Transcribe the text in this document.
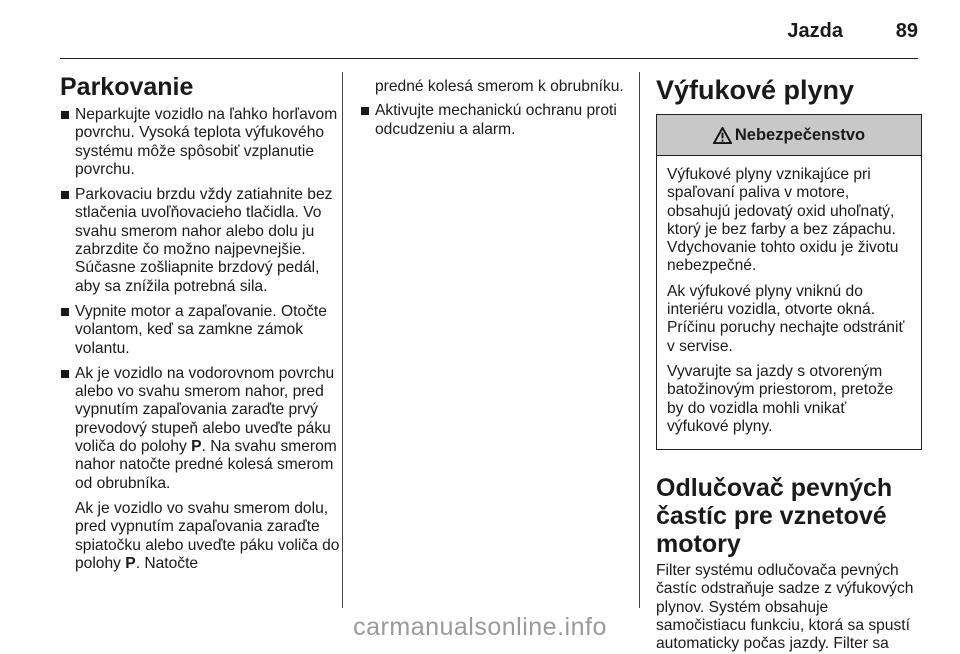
Jazda	89
Parkovanie
Neparkujte vozidlo na ľahko horľavom povrchu. Vysoká teplota výfukového systému môže spôsobiť vzplanutie povrchu.
Parkovaciu brzdu vždy zatiahnite bez stlačenia uvoľňovacieho tlačidla. Vo svahu smerom nahor alebo dolu ju zabrzdite čo možno najpevnejšie. Súčasne zošliapnite brzdový pedál, aby sa znížila potrebná sila.
Vypnite motor a zapaľovanie. Otočte volantom, keď sa zamkne zámok volantu.
Ak je vozidlo na vodorovnom povrchu alebo vo svahu smerom nahor, pred vypnutím zapaľovania zaraďte prvý prevodový stupeň alebo uveďte páku voliča do polohy P. Na svahu smerom nahor natočte predné kolesá smerom od obrubníka.
Ak je vozidlo vo svahu smerom dolu, pred vypnutím zapaľovania zaraďte spiatočku alebo uveďte páku voliča do polohy P. Natočte
predné kolesá smerom k obrubníku.
Aktivujte mechanickú ochranu proti odcudzeniu a alarm.
Výfukové plyny
Nebezpečenstvo

Výfukové plyny vznikajúce pri spaľovaní paliva v motore, obsahujú jedovatý oxid uhoľnatý, ktorý je bez farby a bez zápachu. Vdychovanie tohto oxidu je životu nebezpečné.

Ak výfukové plyny vniknú do interiéru vozidla, otvorte okná. Príčinu poruchy nechajte odstrániť v servise.

Vyvarujte sa jazdy s otvoreným batožinovým priestorom, pretože by do vozidla mohli vnikať výfukové plyny.

Odlučovač pevných častíc pre vznetové motory

Filter systému odlučovača pevných častíc odstraňuje sadze z výfukových plynov. Systém obsahuje samočistiacu funkciu, ktorá sa spustí automaticky počas jazdy. Filter sa

carmanualsonline.info
